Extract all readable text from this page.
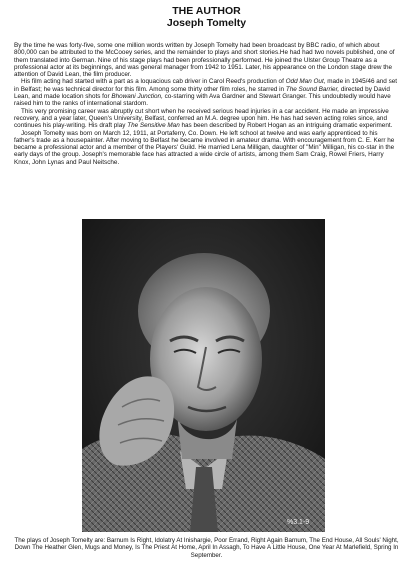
THE AUTHOR
Joseph Tomelty

By the time he was forty-five, some one million words written by Joseph Tomelty had been broadcast by BBC radio, of which about 800,000 can be attributed to the McCooey series, and the remainder to plays and short stories.He had had two novels published, one of them translated into German. Nine of his stage plays had been professionally performed. He joined the Ulster Group Theatre as a professional actor at its beginnings, and was general manager from 1942 to 1951. Later, his appearance on the London stage drew the attention of David Lean, the film producer.

His film acting had started with a part as a loquacious cab driver in Carol Reed's production of Odd Man Out, made in 1945/46 and set in Belfast; he was technical director for this film. Among some thirty other film roles, he starred in The Sound Barrier, directed by David Lean, and made location shots for Bhowani Junction, co-starring with Ava Gardner and Stewart Granger. This undoubtedly would have raised him to the ranks of international stardom.

This very promising career was abruptly cut short when he received serious head injuries in a car accident. He made an impressive recovery, and a year later, Queen's University, Belfast, conferred an M.A. degree upon him. He has had seven acting roles since, and continues his play-writing. His draft play The Sensitive Man has been described by Robert Hogan as an intriguing dramatic experiment.

Joseph Tomelty was born on March 12, 1911, at Portaferry, Co. Down. He left school at twelve and was early apprenticed to his father's trade as a housepainter. After moving to Belfast he became involved in amateur drama. With encouragement from C. E. Kerr he became a professional actor and a member of the Players' Guild. He married Lena Milligan, daughter of "Min" Milligan, his co-star in the early days of the group. Joseph's memorable face has attracted a wide circle of artists, among them Sam Craig, Rowel Friers, Harry Knox, John Lynas and Paul Neitsche.

%3.1-9
The plays of Joseph Tomelty are: Barnum Is Right, Idolatry At Inishargie, Poor Errand, Right Again Barnum, The End House, All Souls' Night, Down The Heather Glen, Mugs and Money, Is The Priest At Home, April In Assagh, To Have A Little House, One Year At Marlefield, Spring In September.
